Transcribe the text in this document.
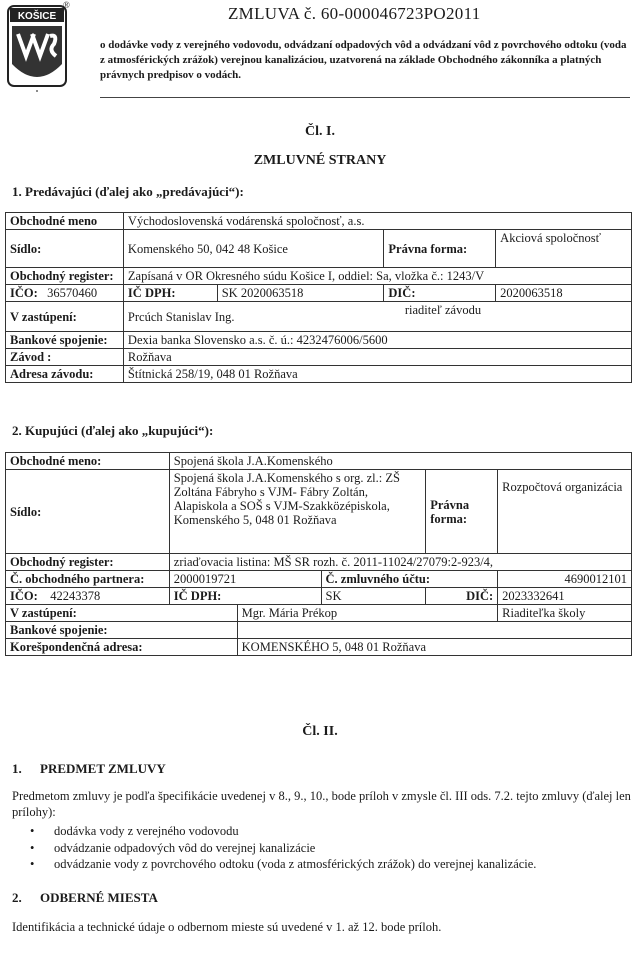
KOŠICE
®	ZMLUVA č. 60-000046723PO2011
o dodávke vody z verejného vodovodu, odvádzaní odpadových vôd a odvádzaní vôd z povrchového odtoku (voda z atmosférických zrážok) verejnou kanalizáciou, uzatvorená na základe Obchodného zákonníka a platných právnych predpisov o vodách.
Čl. I.
ZMLUVNÉ STRANY
1. Predávajúci (ďalej ako „predávajúci“):
Obchodné meno	Východoslovenská vodárenská spoločnosť, a.s.				
Sídlo:	Komenského 50, 042 48 Košice		Právna forma:		Akciová spoločnosť
Obchodný register:	Zapísaná v OR Okresného súdu Košice I, oddiel: Sa, vložka č.: 1243/V				
IČO: 36570460	IČ DPH:	SK 2020063518	DIČ:		2020063518
V zastúpení:	Prcúch Stanislav Ing.			riaditeľ závodu	
Bankové spojenie:	Dexia banka Slovensko a.s. č. ú.: 4232476006/5600				
Závod :	Rožňava				
Adresa závodu:	Štítnická 258/19, 048 01 Rožňava				
2. Kupujúci (ďalej ako „kupujúci“):
Obchodné meno:	Spojená škola J.A.Komenského				
Sídlo:	Spojená škola J.A.Komenského s org. zl.: ZŠ Zoltána Fábryho s VJM- Fábry Zoltán, Alapiskola a SOŠ s VJM-Szakközépiskola, Komenského 5, 048 01 Rožňava			Právna forma:	Rozpočtová organizácia
Obchodný register:	zriaďovacia listina: MŠ SR rozh. č. 2011-11024/27079:2-923/4,				
Č. obchodného partnera:	2000019721		Č. zmluvného účtu:		4690012101
IČO: 42243378	IČ DPH:		SK	DIČ:	2023332641
V zastúpení:		Mgr. Mária Prékop			Riaditeľka školy
Bankové spojenie:					
Korešpondenčná adresa:		KOMENSKÉHO 5, 048 01 Rožňava			
Čl. II.
1. PREDMET ZMLUVY
Predmetom zmluvy je podľa špecifikácie uvedenej v 8., 9., 10., bode príloh v zmysle čl. III ods. 7.2. tejto zmluvy (ďalej len prílohy):
• dodávka vody z verejného vodovodu
• odvádzanie odpadových vôd do verejnej kanalizácie
• odvádzanie vody z povrchového odtoku (voda z atmosférických zrážok) do verejnej kanalizácie.
2. ODBERNÉ MIESTA
Identifikácia a technické údaje o odbernom mieste sú uvedené v 1. až 12. bode príloh.
